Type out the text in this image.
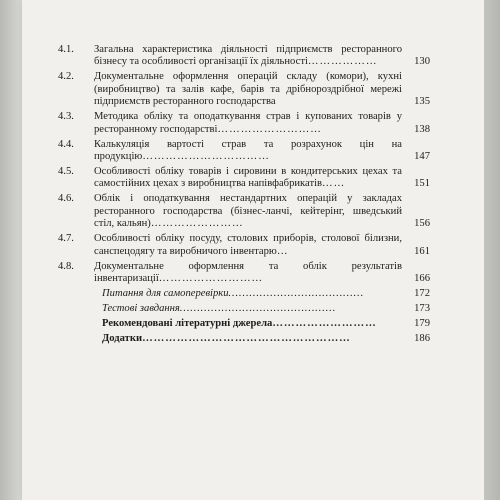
4.1.	Загальна характеристика діяльності підприємств ресторанного бізнесу та особливості організації їх діяльності………………	130
4.2.	Документальне оформлення операцій складу (комори), кухні (виробництво) та залів кафе, барів та дрібнороздрібної мережі підприємств ресторанного господарства	135
4.3.	Методика обліку та оподаткування страв і купованих товарів у ресторанному господарстві………………………	138
4.4.	Калькуляція вартості страв та розрахунок цін на продукцію……………………………	147
4.5.	Особливості обліку товарів і сировини в кондитерських цехах та самостійних цехах з виробництва напівфабрикатів……	151
4.6.	Облік і оподаткування нестандартних операцій у закладах ресторанного господарства (бізнес-ланчі, кейтерінг, шведський стіл, кальян)……………………	156
4.7.	Особливості обліку посуду, столових приборів, столової білизни, санспецодягу та виробничого інвентарю…	161
4.8.	Документальне оформлення та облік результатів інвентаризації………………………	166
Питання для самоперевірки…………………………………	172
Тестові завдання………………………………………	173
Рекомендовані літературні джерела………………………	179
Додатки………………………………………………	186
